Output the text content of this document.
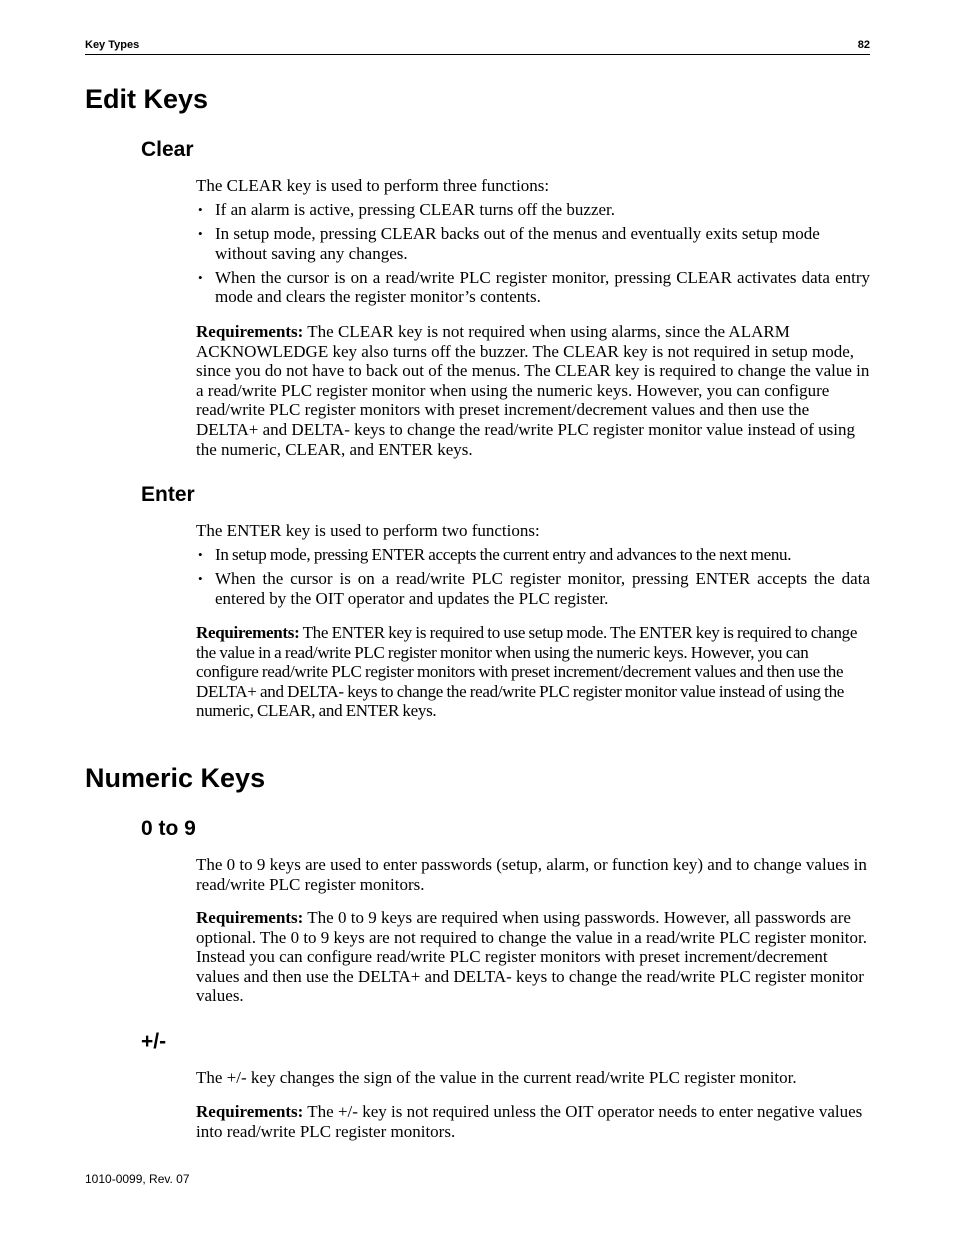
Key Types	82
Edit Keys
Clear

The CLEAR key is used to perform three functions:

• If an alarm is active, pressing CLEAR turns off the buzzer.
• In setup mode, pressing CLEAR backs out of the menus and eventually exits setup mode without saving any changes.
• When the cursor is on a read/write PLC register monitor, pressing CLEAR activates data entry mode and clears the register monitor’s contents.

Requirements: The CLEAR key is not required when using alarms, since the ALARM ACKNOWLEDGE key also turns off the buzzer. The CLEAR key is not required in setup mode, since you do not have to back out of the menus. The CLEAR key is required to change the value in a read/write PLC register monitor when using the numeric keys. However, you can configure read/write PLC register monitors with preset increment/decrement values and then use the DELTA+ and DELTA- keys to change the read/write PLC register monitor value instead of using the numeric, CLEAR, and ENTER keys.

Enter

The ENTER key is used to perform two functions:

• In setup mode, pressing ENTER accepts the current entry and advances to the next menu.
• When the cursor is on a read/write PLC register monitor, pressing ENTER accepts the data entered by the OIT operator and updates the PLC register.

Requirements: The ENTER key is required to use setup mode. The ENTER key is required to change the value in a read/write PLC register monitor when using the numeric keys. However, you can configure read/write PLC register monitors with preset increment/decrement values and then use the DELTA+ and DELTA- keys to change the read/write PLC register monitor value instead of using the numeric, CLEAR, and ENTER keys.

Numeric Keys
0 to 9

The 0 to 9 keys are used to enter passwords (setup, alarm, or function key) and to change values in read/write PLC register monitors.

Requirements: The 0 to 9 keys are required when using passwords. However, all passwords are optional. The 0 to 9 keys are not required to change the value in a read/write PLC register monitor. Instead you can configure read/write PLC register monitors with preset increment/decrement values and then use the DELTA+ and DELTA- keys to change the read/write PLC register monitor values.

+/-

The +/- key changes the sign of the value in the current read/write PLC register monitor.

Requirements: The +/- key is not required unless the OIT operator needs to enter negative values into read/write PLC register monitors.

1010-0099, Rev. 07
